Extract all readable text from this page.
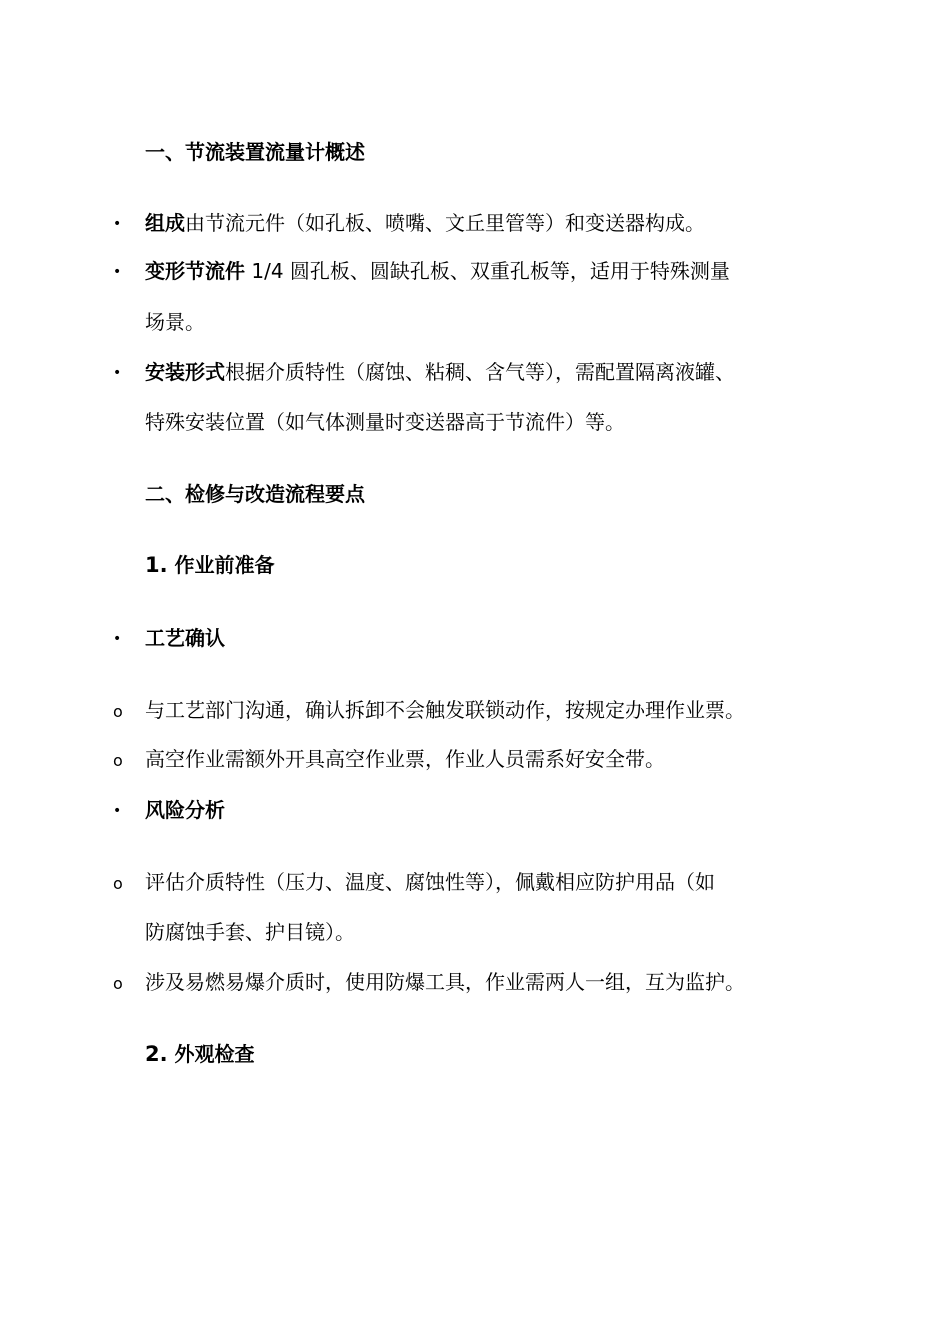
一、节流装置流量计概述
• 组成由节流元件（如孔板、喷嘴、文丘里管等）和变送器构成。
• 变形节流件 1/4 圆孔板、圆缺孔板、双重孔板等，适用于特殊测量
场景。
• 安装形式根据介质特性（腐蚀、粘稠、含气等），需配置隔离液罐、
特殊安装位置（如气体测量时变送器高于节流件）等。
二、检修与改造流程要点
1. 作业前准备
• 工艺确认
o 与工艺部门沟通，确认拆卸不会触发联锁动作，按规定办理作业票。
o 高空作业需额外开具高空作业票，作业人员需系好安全带。
• 风险分析
o 评估介质特性（压力、温度、腐蚀性等），佩戴相应防护用品（如
防腐蚀手套、护目镜）。
o 涉及易燃易爆介质时，使用防爆工具，作业需两人一组，互为监护。
2. 外观检查
